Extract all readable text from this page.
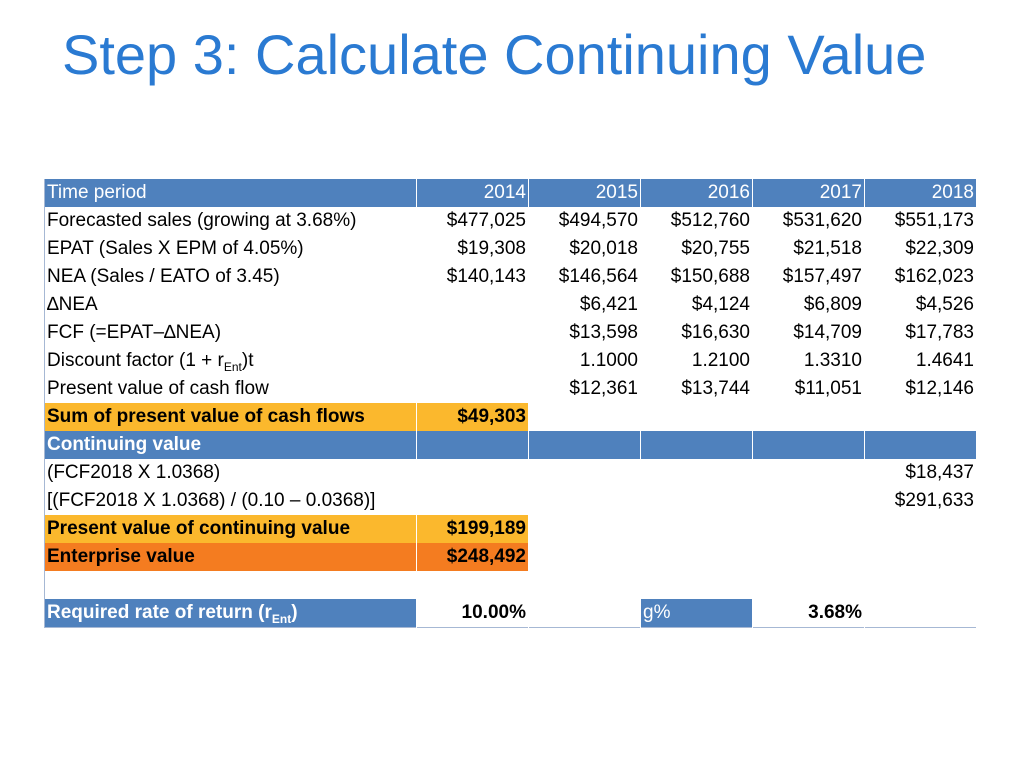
Step 3: Calculate Continuing Value
Time period	2014	2015	2016	2017	2018
Forecasted sales (growing at 3.68%)	$477,025	$494,570	$512,760	$531,620	$551,173
EPAT (Sales X EPM of 4.05%)	$19,308	$20,018	$20,755	$21,518	$22,309
NEA (Sales / EATO of 3.45)	$140,143	$146,564	$150,688	$157,497	$162,023
∆NEA		$6,421	$4,124	$6,809	$4,526
FCF (=EPAT–∆NEA)		$13,598	$16,630	$14,709	$17,783
Discount factor $(1 + r_{Ent})t$		1.1000	1.2100	1.3310	1.4641
Present value of cash flow		$12,361	$13,744	$11,051	$12,146
Sum of present value of cash flows	$49,303				
Continuing value					
(FCF2018 X 1.0368)					$18,437
[(FCF2018 X 1.0368) / (0.10 – 0.0368)]					$291,633
Present value of continuing value	$199,189				
Enterprise value	$248,492				

Required rate of return $(r_{Ent})$	10.00%		g%	3.68%	
